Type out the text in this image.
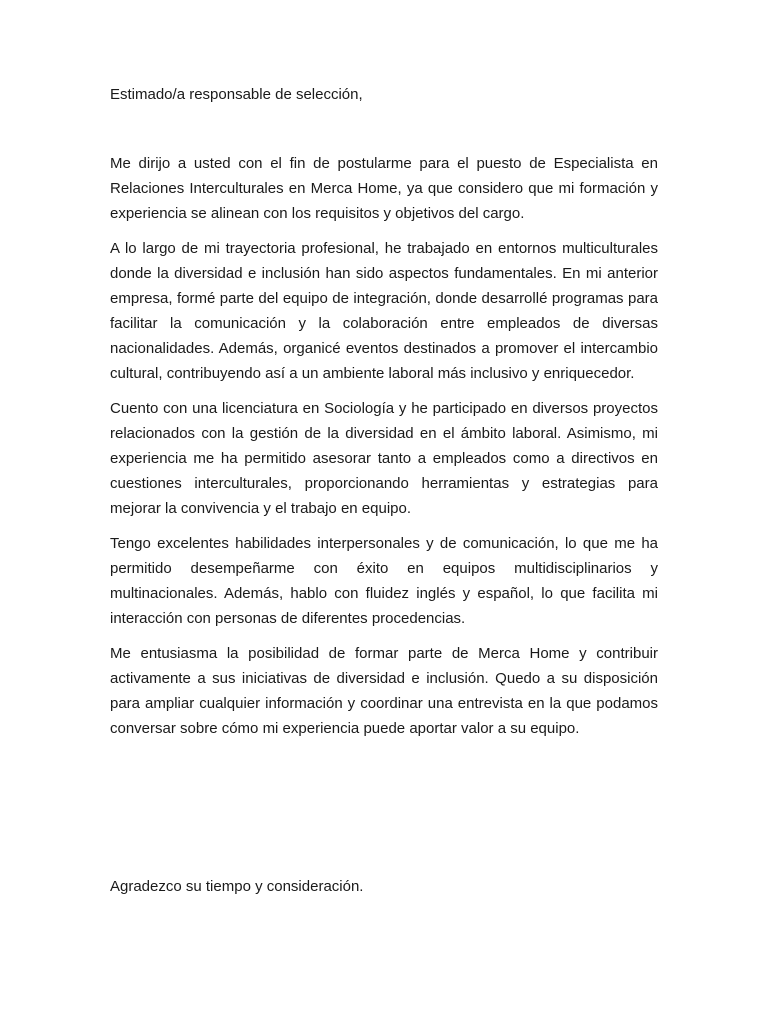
Estimado/a responsable de selección,

Me dirijo a usted con el fin de postularme para el puesto de Especialista en Relaciones Interculturales en Merca Home, ya que considero que mi formación y experiencia se alinean con los requisitos y objetivos del cargo.

A lo largo de mi trayectoria profesional, he trabajado en entornos multiculturales donde la diversidad e inclusión han sido aspectos fundamentales. En mi anterior empresa, formé parte del equipo de integración, donde desarrollé programas para facilitar la comunicación y la colaboración entre empleados de diversas nacionalidades. Además, organicé eventos destinados a promover el intercambio cultural, contribuyendo así a un ambiente laboral más inclusivo y enriquecedor.

Cuento con una licenciatura en Sociología y he participado en diversos proyectos relacionados con la gestión de la diversidad en el ámbito laboral. Asimismo, mi experiencia me ha permitido asesorar tanto a empleados como a directivos en cuestiones interculturales, proporcionando herramientas y estrategias para mejorar la convivencia y el trabajo en equipo.

Tengo excelentes habilidades interpersonales y de comunicación, lo que me ha permitido desempeñarme con éxito en equipos multidisciplinarios y multinacionales. Además, hablo con fluidez inglés y español, lo que facilita mi interacción con personas de diferentes procedencias.

Me entusiasma la posibilidad de formar parte de Merca Home y contribuir activamente a sus iniciativas de diversidad e inclusión. Quedo a su disposición para ampliar cualquier información y coordinar una entrevista en la que podamos conversar sobre cómo mi experiencia puede aportar valor a su equipo.

Agradezco su tiempo y consideración.
